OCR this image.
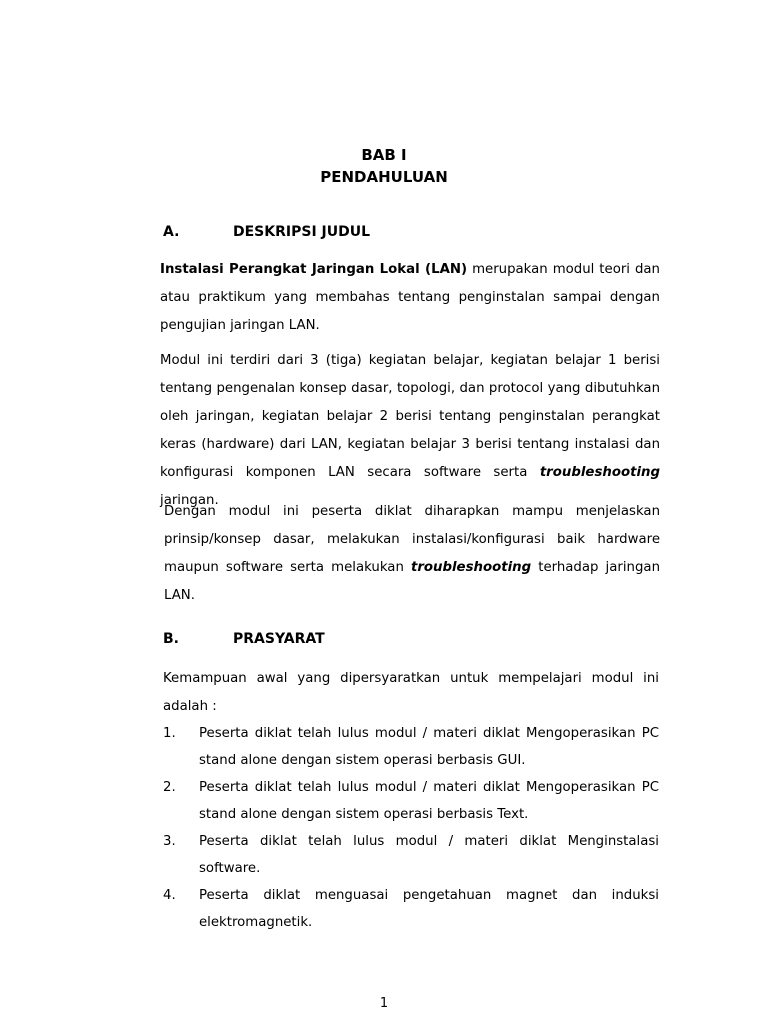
BAB I
PENDAHULUAN
A.	DESKRIPSI JUDUL
Instalasi Perangkat Jaringan Lokal (LAN) merupakan modul teori dan atau praktikum yang membahas tentang penginstalan sampai dengan pengujian jaringan LAN.
Modul ini terdiri dari 3 (tiga) kegiatan belajar, kegiatan belajar 1 berisi tentang pengenalan konsep dasar, topologi, dan protocol yang dibutuhkan oleh jaringan, kegiatan belajar 2 berisi tentang penginstalan perangkat keras (hardware) dari LAN, kegiatan belajar 3 berisi tentang instalasi dan konfigurasi komponen LAN secara software serta troubleshooting jaringan.
Dengan modul ini peserta diklat diharapkan mampu menjelaskan prinsip/konsep dasar, melakukan instalasi/konfigurasi baik hardware maupun software serta melakukan troubleshooting terhadap jaringan LAN.
B.	PRASYARAT
Kemampuan awal yang dipersyaratkan untuk mempelajari modul ini adalah :
1. Peserta diklat telah lulus modul / materi diklat Mengoperasikan PC stand alone dengan sistem operasi berbasis GUI.
2. Peserta diklat telah lulus modul / materi diklat Mengoperasikan PC stand alone dengan sistem operasi berbasis Text.
3. Peserta diklat telah lulus modul / materi diklat Menginstalasi software.
4. Peserta diklat menguasai pengetahuan magnet dan induksi elektromagnetik.
1
